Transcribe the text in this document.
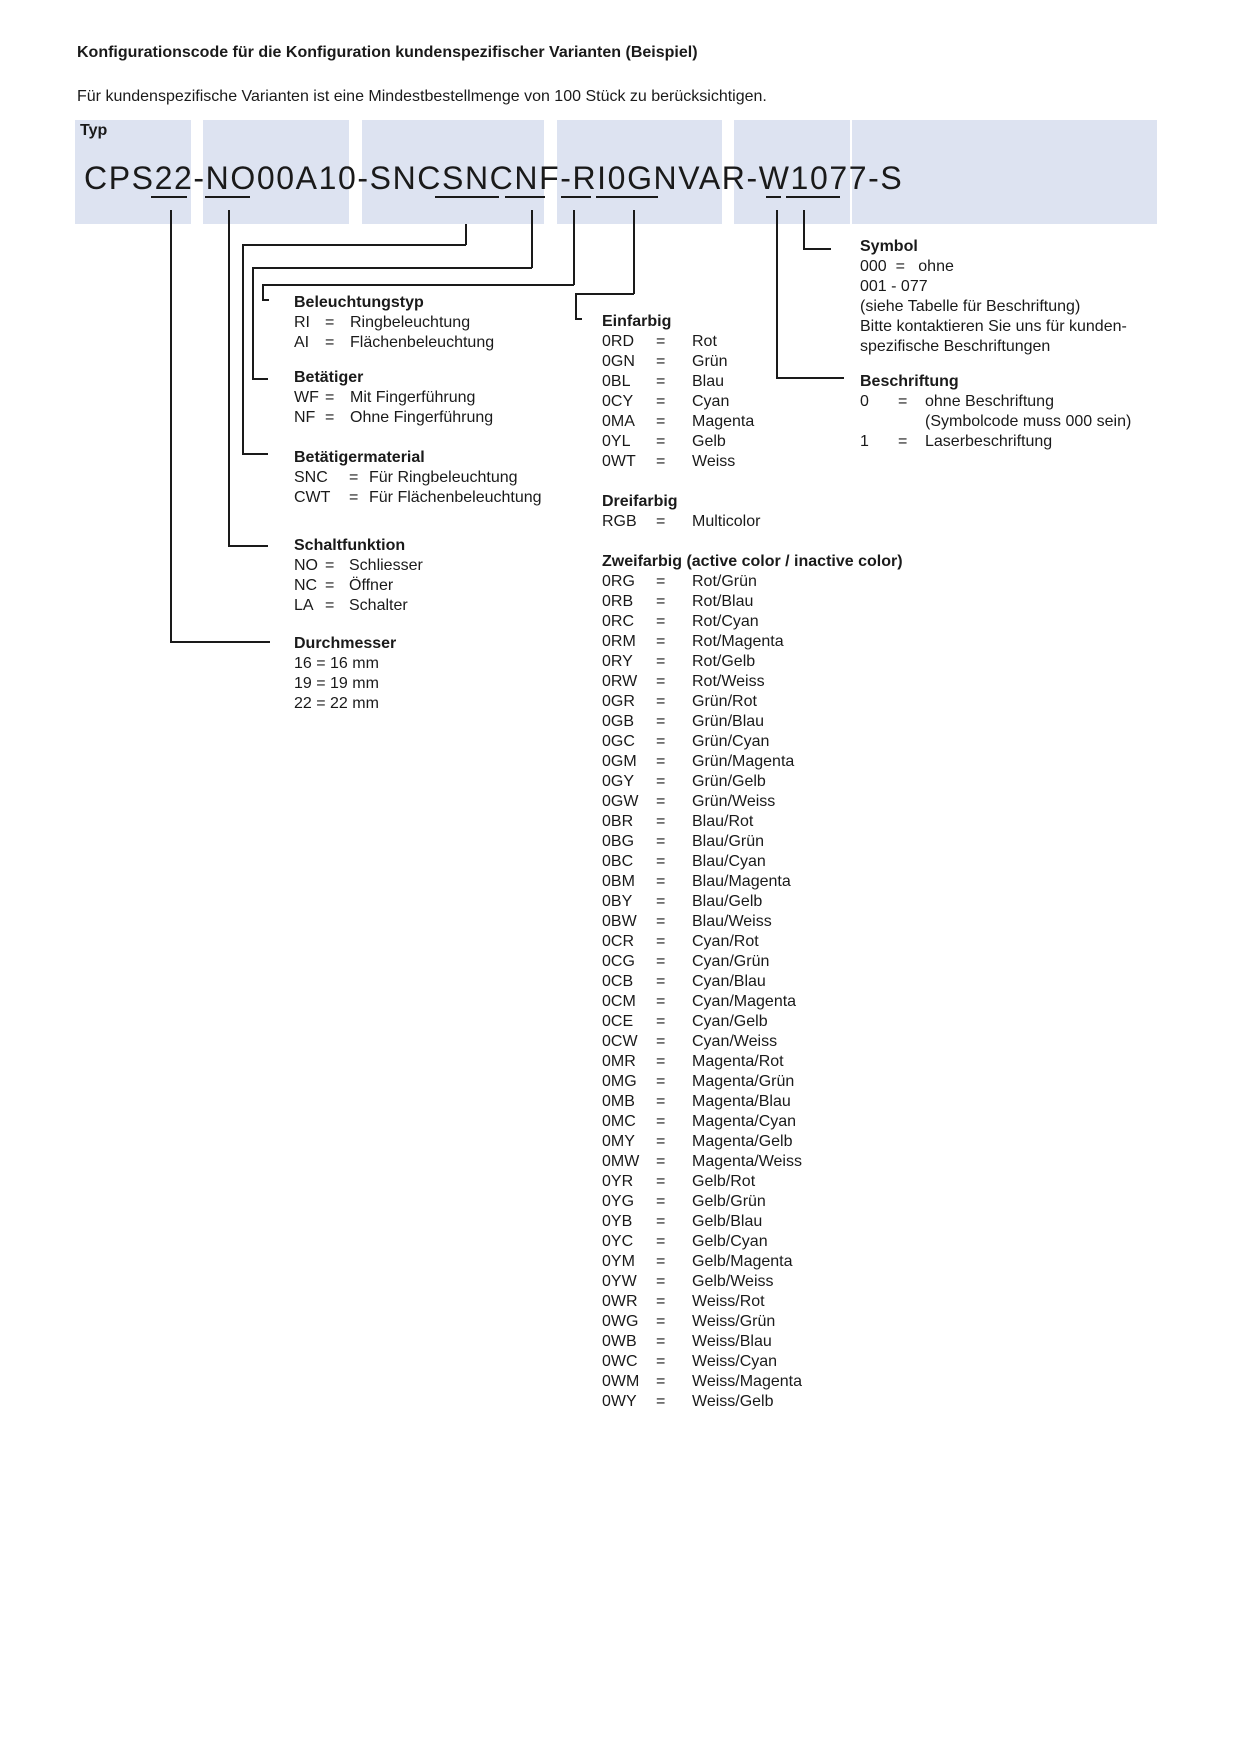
Konfigurationscode für die Konfiguration kundenspezifischer Varianten (Beispiel)
Für kundenspezifische Varianten ist eine Mindestbestellmenge von 100 Stück zu berücksichtigen.
Typ
CPS22-NO00A10-SNCSNCNF-RI0GNVAR-W1077-S
Beleuchtungstyp
RI = Ringbeleuchtung
AI = Flächenbeleuchtung
Betätiger
WF = Mit Fingerführung
NF = Ohne Fingerführung
Betätigermaterial
SNC = Für Ringbeleuchtung
CWT = Für Flächenbeleuchtung
Schaltfunktion
NO = Schliesser
NC = Öffner
LA = Schalter
Durchmesser
16 = 16 mm
19 = 19 mm
22 = 22 mm
Einfarbig
0RD = Rot
0GN = Grün
0BL = Blau
0CY = Cyan
0MA = Magenta
0YL = Gelb
0WT = Weiss
Dreifarbig
RGB = Multicolor
Zweifarbig (active color / inactive color)
0RG = Rot/Grün
0RB = Rot/Blau
0RC = Rot/Cyan
0RM = Rot/Magenta
0RY = Rot/Gelb
0RW = Rot/Weiss
0GR = Grün/Rot
0GB = Grün/Blau
0GC = Grün/Cyan
0GM = Grün/Magenta
0GY = Grün/Gelb
0GW = Grün/Weiss
0BR = Blau/Rot
0BG = Blau/Grün
0BC = Blau/Cyan
0BM = Blau/Magenta
0BY = Blau/Gelb
0BW = Blau/Weiss
0CR = Cyan/Rot
0CG = Cyan/Grün
0CB = Cyan/Blau
0CM = Cyan/Magenta
0CE = Cyan/Gelb
0CW = Cyan/Weiss
0MR = Magenta/Rot
0MG = Magenta/Grün
0MB = Magenta/Blau
0MC = Magenta/Cyan
0MY = Magenta/Gelb
0MW = Magenta/Weiss
0YR = Gelb/Rot
0YG = Gelb/Grün
0YB = Gelb/Blau
0YC = Gelb/Cyan
0YM = Gelb/Magenta
0YW = Gelb/Weiss
0WR = Weiss/Rot
0WG = Weiss/Grün
0WB = Weiss/Blau
0WC = Weiss/Cyan
0WM = Weiss/Magenta
0WY = Weiss/Gelb
Symbol
000  =   ohne
001 - 077
(siehe Tabelle für Beschriftung)
Bitte kontaktieren Sie uns für kunden-
spezifische Beschriftungen
Beschriftung
0 = ohne Beschriftung
(Symbolcode muss 000 sein)
1 = Laserbeschriftung
